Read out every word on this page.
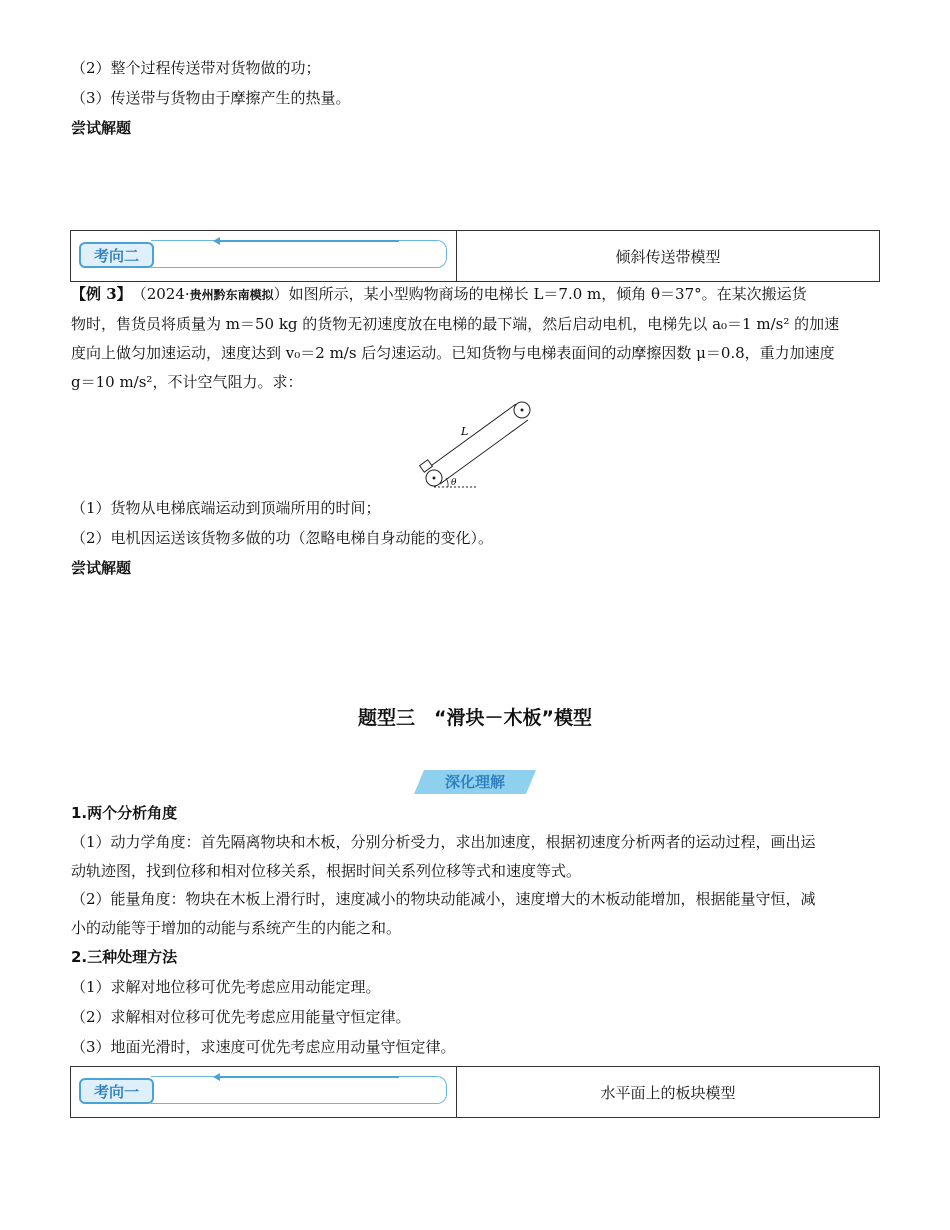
（2）整个过程传送带对货物做的功；
（3）传送带与货物由于摩擦产生的热量。
尝试解题
考向二	倾斜传送带模型
【例 3】　 （2024·贵州黔东南模拟）如图所示，某小型购物商场的电梯长 L＝7.0 m，倾角 θ＝37°。在某次搬运货
物时，售货员将质量为 m＝50 kg 的货物无初速度放在电梯的最下端，然后启动电机，电梯先以 a₀＝1 m/s² 的加速
度向上做匀加速运动，速度达到 v₀＝2 m/s 后匀速运动。已知货物与电梯表面间的动摩擦因数 μ＝0.8，重力加速度
g＝10 m/s²，不计空气阻力。求：
L
θ
（1）货物从电梯底端运动到顶端所用的时间；
（2）电机因运送该货物多做的功（忽略电梯自身动能的变化）。
尝试解题
题型三　“滑块－木板”模型
深化理解
1.两个分析角度
（1）动力学角度：首先隔离物块和木板，分别分析受力，求出加速度，根据初速度分析两者的运动过程，画出运
动轨迹图，找到位移和相对位移关系，根据时间关系列位移等式和速度等式。
（2）能量角度：物块在木板上滑行时，速度减小的物块动能减小，速度增大的木板动能增加，根据能量守恒，减
小的动能等于增加的动能与系统产生的内能之和。
2.三种处理方法
（1）求解对地位移可优先考虑应用动能定理。
（2）求解相对位移可优先考虑应用能量守恒定律。
（3）地面光滑时，求速度可优先考虑应用动量守恒定律。
考向一	水平面上的板块模型
